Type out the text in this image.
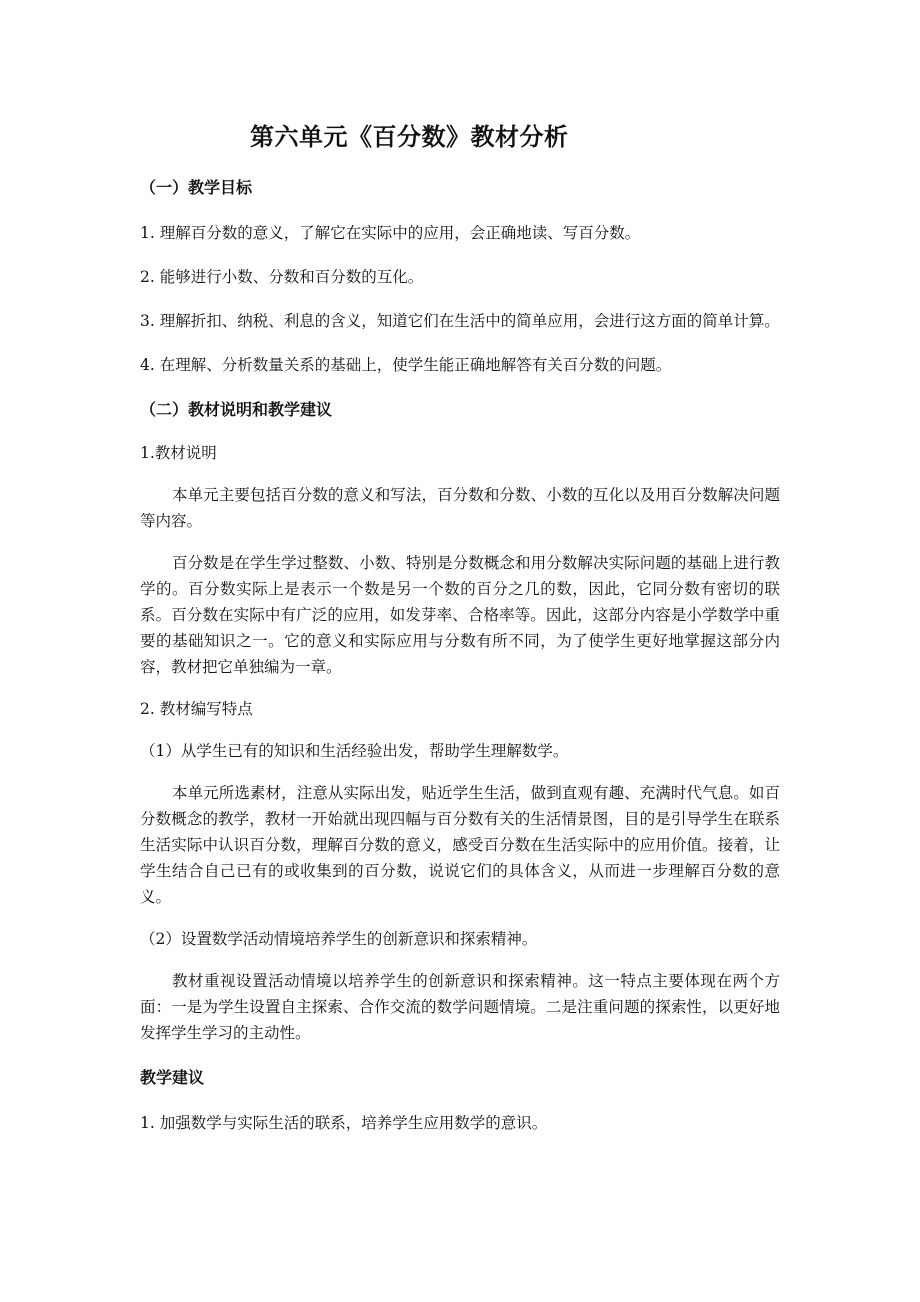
第六单元《百分数》教材分析
（一）教学目标

1. 理解百分数的意义，了解它在实际中的应用，会正确地读、写百分数。

2. 能够进行小数、分数和百分数的互化。

3. 理解折扣、纳税、利息的含义，知道它们在生活中的简单应用，会进行这方面的简单计算。

4. 在理解、分析数量关系的基础上，使学生能正确地解答有关百分数的问题。

（二）教材说明和教学建议

1.教材说明

本单元主要包括百分数的意义和写法，百分数和分数、小数的互化以及用百分数解决问题等内容。

百分数是在学生学过整数、小数、特别是分数概念和用分数解决实际问题的基础上进行教学的。百分数实际上是表示一个数是另一个数的百分之几的数，因此，它同分数有密切的联系。百分数在实际中有广泛的应用，如发芽率、合格率等。因此，这部分内容是小学数学中重要的基础知识之一。它的意义和实际应用与分数有所不同，为了使学生更好地掌握这部分内容，教材把它单独编为一章。

2. 教材编写特点

（1）从学生已有的知识和生活经验出发，帮助学生理解数学。

本单元所选素材，注意从实际出发，贴近学生生活，做到直观有趣、充满时代气息。如百分数概念的教学，教材一开始就出现四幅与百分数有关的生活情景图，目的是引导学生在联系生活实际中认识百分数，理解百分数的意义，感受百分数在生活实际中的应用价值。接着，让学生结合自己已有的或收集到的百分数，说说它们的具体含义，从而进一步理解百分数的意义。

（2）设置数学活动情境培养学生的创新意识和探索精神。

教材重视设置活动情境以培养学生的创新意识和探索精神。这一特点主要体现在两个方面：一是为学生设置自主探索、合作交流的数学问题情境。二是注重问题的探索性，以更好地发挥学生学习的主动性。

教学建议

1. 加强数学与实际生活的联系，培养学生应用数学的意识。
